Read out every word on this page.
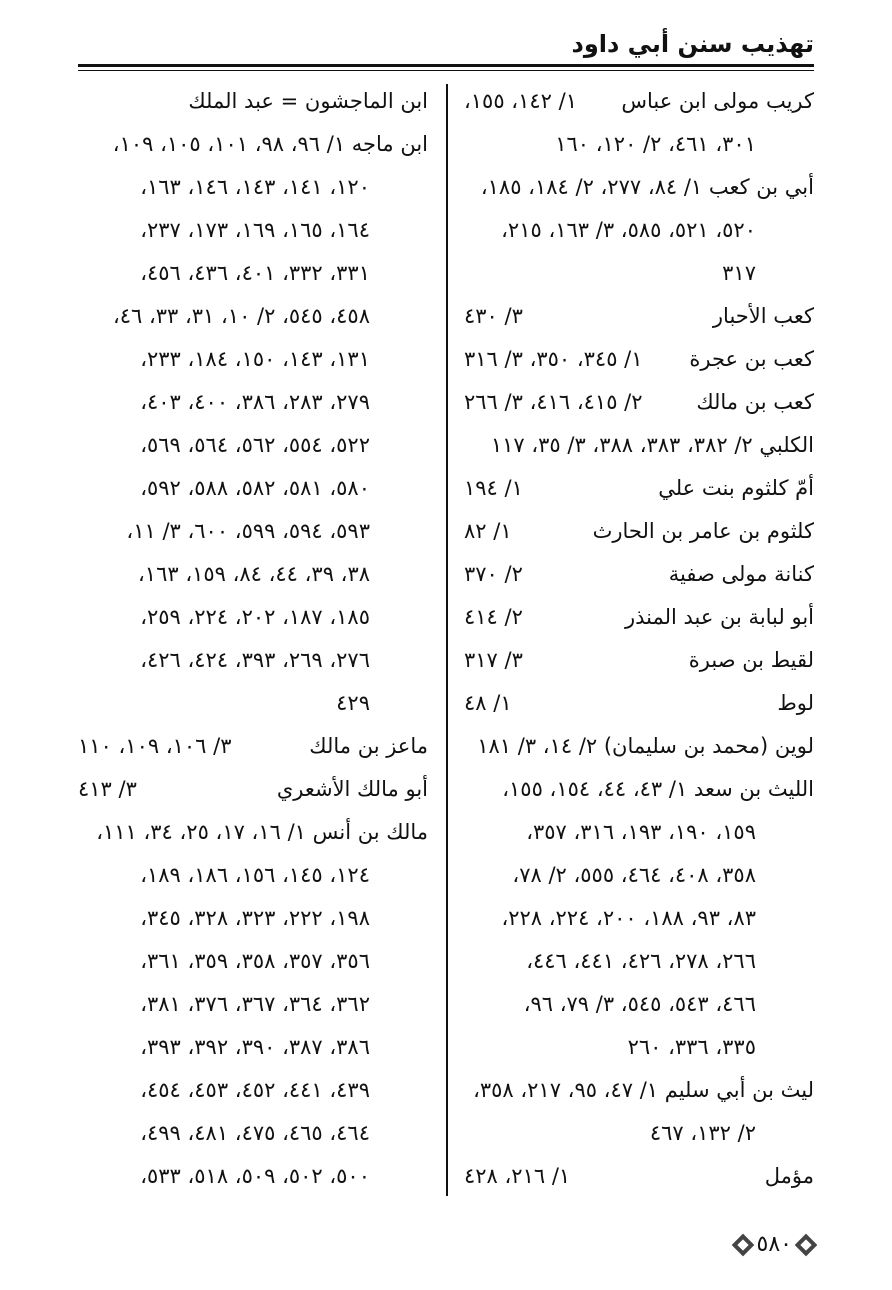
تهذيب سنن أبي داود
كريب مولى ابن عباس
١/ ١٤٢، ١٥٥،
٣٠١، ٤٦١، ٢/ ١٢٠، ١٦٠
أبي بن كعب ١/ ٨٤، ٢٧٧، ٢/ ١٨٤، ١٨٥،
٥٢٠، ٥٢١، ٥٨٥، ٣/ ١٦٣، ٢١٥،
٣١٧
كعب الأحبار
٣/ ٤٣٠
كعب بن عجرة
١/ ٣٤٥، ٣٥٠، ٣/ ٣١٦
كعب بن مالك
٢/ ٤١٥، ٤١٦، ٣/ ٢٦٦
الكلبي ٢/ ٣٨٢، ٣٨٣، ٣٨٨، ٣/ ٣٥، ١١٧
أمّ كلثوم بنت علي
١/ ١٩٤
كلثوم بن عامر بن الحارث
١/ ٨٢
كنانة مولى صفية
٢/ ٣٧٠
أبو لبابة بن عبد المنذر
٢/ ٤١٤
لقيط بن صبرة
٣/ ٣١٧
لوط
١/ ٤٨
لوين (محمد بن سليمان) ٢/ ١٤، ٣/ ١٨١
الليث بن سعد ١/ ٤٣، ٤٤، ١٥٤، ١٥٥،
١٥٩، ١٩٠، ١٩٣، ٣١٦، ٣٥٧،
٣٥٨، ٤٠٨، ٤٦٤، ٥٥٥، ٢/ ٧٨،
٨٣، ٩٣، ١٨٨، ٢٠٠، ٢٢٤، ٢٢٨،
٢٦٦، ٢٧٨، ٤٢٦، ٤٤١، ٤٤٦،
٤٦٦، ٥٤٣، ٥٤٥، ٣/ ٧٩، ٩٦،
٣٣٥، ٣٣٦، ٢٦٠
ليث بن أبي سليم ١/ ٤٧، ٩٥، ٢١٧، ٣٥٨،
٢/ ١٣٢، ٤٦٧
مؤمل
١/ ٢١٦، ٤٢٨
ابن الماجشون = عبد الملك
ابن ماجه ١/ ٩٦، ٩٨، ١٠١، ١٠٥، ١٠٩،
١٢٠، ١٤١، ١٤٣، ١٤٦، ١٦٣،
١٦٤، ١٦٥، ١٦٩، ١٧٣، ٢٣٧،
٣٣١، ٣٣٢، ٤٠١، ٤٣٦، ٤٥٦،
٤٥٨، ٥٤٥، ٢/ ١٠، ٣١، ٣٣، ٤٦،
١٣١، ١٤٣، ١٥٠، ١٨٤، ٢٣٣،
٢٧٩، ٢٨٣، ٣٨٦، ٤٠٠، ٤٠٣،
٥٢٢، ٥٥٤، ٥٦٢، ٥٦٤، ٥٦٩،
٥٨٠، ٥٨١، ٥٨٢، ٥٨٨، ٥٩٢،
٥٩٣، ٥٩٤، ٥٩٩، ٦٠٠، ٣/ ١١،
٣٨، ٣٩، ٤٤، ٨٤، ١٥٩، ١٦٣،
١٨٥، ١٨٧، ٢٠٢، ٢٢٤، ٢٥٩،
٢٧٦، ٢٦٩، ٣٩٣، ٤٢٤، ٤٢٦،
٤٢٩
ماعز بن مالك
٣/ ١٠٦، ١٠٩، ١١٠
أبو مالك الأشعري
٣/ ٤١٣
مالك بن أنس ١/ ١٦، ١٧، ٢٥، ٣٤، ١١١،
١٢٤، ١٤٥، ١٥٦، ١٨٦، ١٨٩،
١٩٨، ٢٢٢، ٣٢٣، ٣٢٨، ٣٤٥،
٣٥٦، ٣٥٧، ٣٥٨، ٣٥٩، ٣٦١،
٣٦٢، ٣٦٤، ٣٦٧، ٣٧٦، ٣٨١،
٣٨٦، ٣٨٧، ٣٩٠، ٣٩٢، ٣٩٣،
٤٣٩، ٤٤١، ٤٥٢، ٤٥٣، ٤٥٤،
٤٦٤، ٤٦٥، ٤٧٥، ٤٨١، ٤٩٩،
٥٠٠، ٥٠٢، ٥٠٩، ٥١٨، ٥٣٣،
٥٨٠
